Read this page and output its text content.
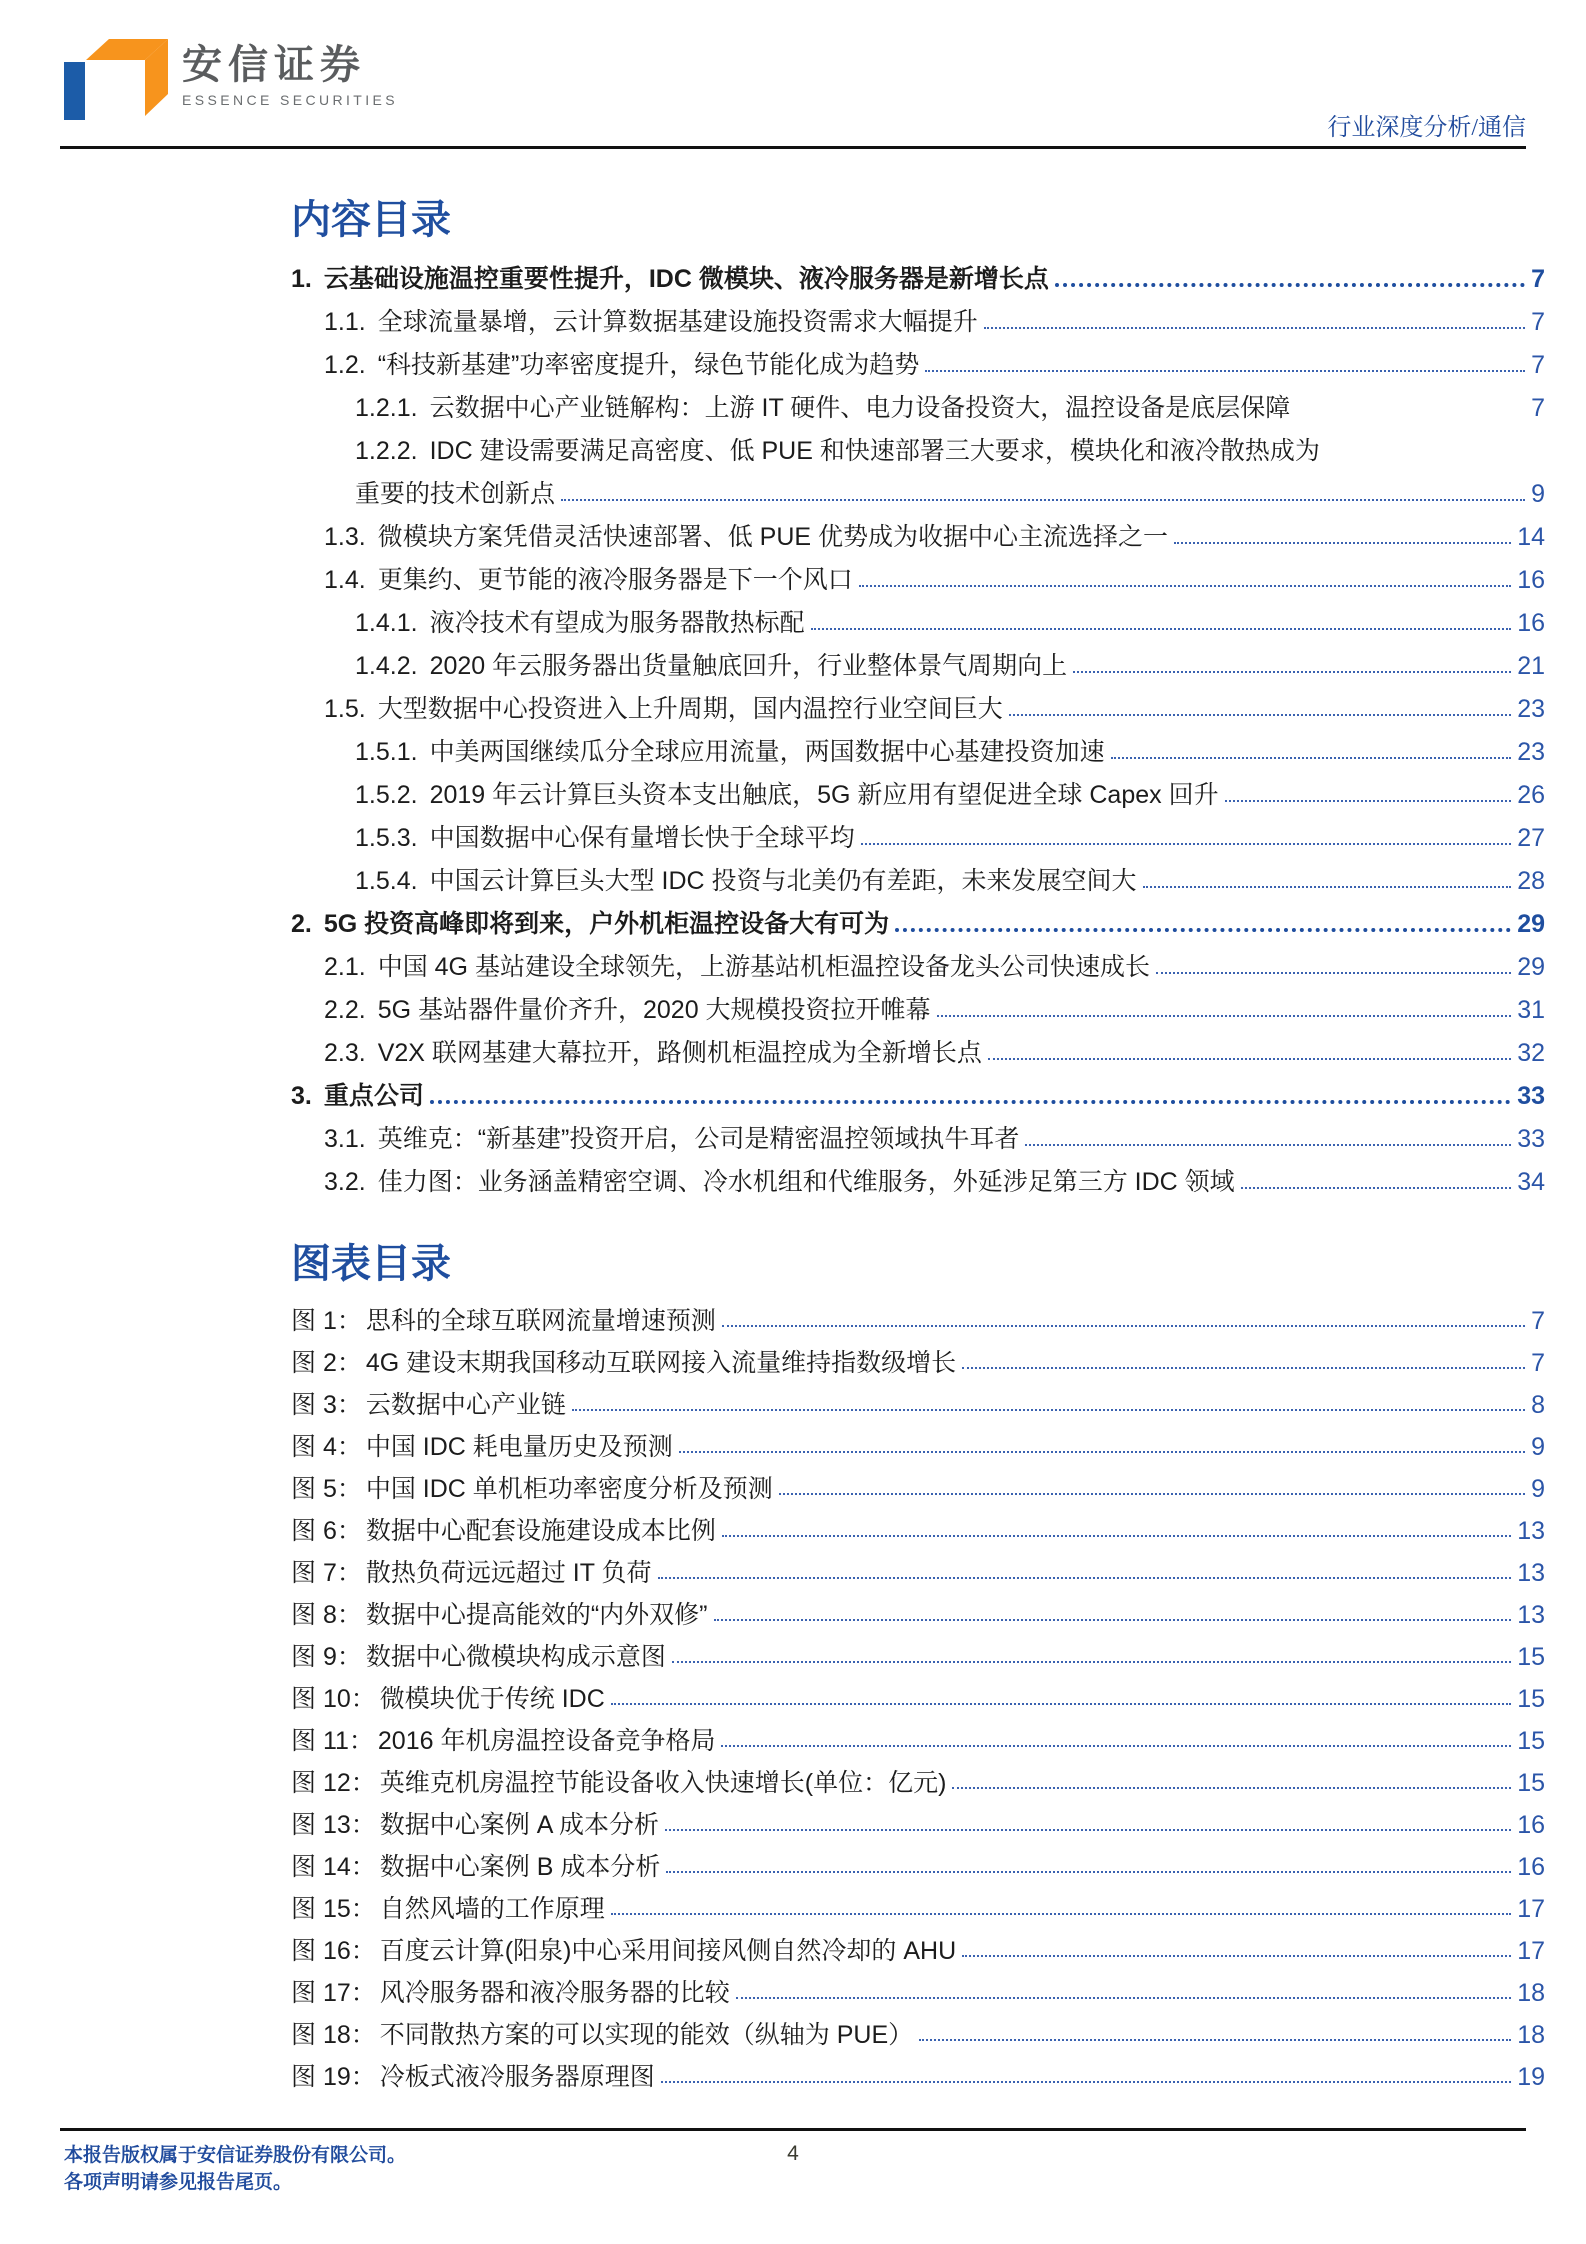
安信证券
ESSENCE SECURITIES
行业深度分析/通信
内容目录
1. 云基础设施温控重要性提升，IDC 微模块、液冷服务器是新增长点	7
1.1. 全球流量暴增，云计算数据基建设施投资需求大幅提升	7
1.2. “科技新基建”功率密度提升，绿色节能化成为趋势	7
1.2.1. 云数据中心产业链解构：上游 IT 硬件、电力设备投资大，温控设备是底层保障	7
1.2.2. IDC 建设需要满足高密度、低 PUE 和快速部署三大要求，模块化和液冷散热成为
重要的技术创新点	9
1.3. 微模块方案凭借灵活快速部署、低 PUE 优势成为收据中心主流选择之一	14
1.4. 更集约、更节能的液冷服务器是下一个风口	16
1.4.1. 液冷技术有望成为服务器散热标配	16
1.4.2. 2020 年云服务器出货量触底回升，行业整体景气周期向上	21
1.5. 大型数据中心投资进入上升周期，国内温控行业空间巨大	23
1.5.1. 中美两国继续瓜分全球应用流量，两国数据中心基建投资加速	23
1.5.2. 2019 年云计算巨头资本支出触底，5G 新应用有望促进全球 Capex 回升	26
1.5.3. 中国数据中心保有量增长快于全球平均	27
1.5.4. 中国云计算巨头大型 IDC 投资与北美仍有差距，未来发展空间大	28
2. 5G 投资高峰即将到来，户外机柜温控设备大有可为	29
2.1. 中国 4G 基站建设全球领先，上游基站机柜温控设备龙头公司快速成长	29
2.2. 5G 基站器件量价齐升，2020 大规模投资拉开帷幕	31
2.3. V2X 联网基建大幕拉开，路侧机柜温控成为全新增长点	32
3. 重点公司	33
3.1. 英维克：“新基建”投资开启，公司是精密温控领域执牛耳者	33
3.2. 佳力图：业务涵盖精密空调、冷水机组和代维服务，外延涉足第三方 IDC 领域	34
图表目录
图 1： 思科的全球互联网流量增速预测	7
图 2： 4G 建设末期我国移动互联网接入流量维持指数级增长	7
图 3： 云数据中心产业链	8
图 4： 中国 IDC 耗电量历史及预测	9
图 5： 中国 IDC 单机柜功率密度分析及预测	9
图 6： 数据中心配套设施建设成本比例	13
图 7： 散热负荷远远超过 IT 负荷	13
图 8： 数据中心提高能效的“内外双修”	13
图 9： 数据中心微模块构成示意图	15
图 10： 微模块优于传统 IDC	15
图 11： 2016 年机房温控设备竞争格局	15
图 12： 英维克机房温控节能设备收入快速增长(单位：亿元)	15
图 13： 数据中心案例 A 成本分析	16
图 14： 数据中心案例 B 成本分析	16
图 15： 自然风墙的工作原理	17
图 16： 百度云计算(阳泉)中心采用间接风侧自然冷却的 AHU	17
图 17： 风冷服务器和液冷服务器的比较	18
图 18： 不同散热方案的可以实现的能效（纵轴为 PUE）	18
图 19： 冷板式液冷服务器原理图	19
本报告版权属于安信证券股份有限公司。
各项声明请参见报告尾页。
4
